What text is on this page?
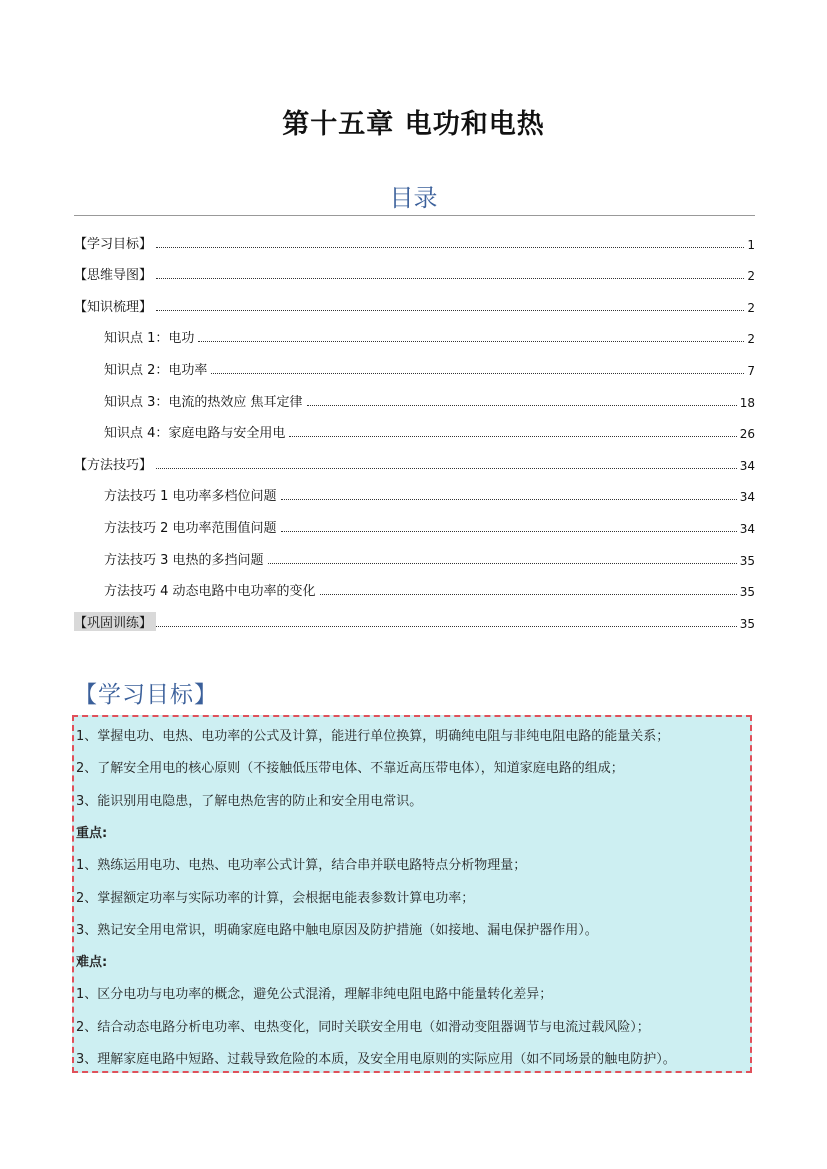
第十五章 电功和电热
目录
【学习目标】	1
【思维导图】	2
【知识梳理】	2
知识点 1：电功	2
知识点 2：电功率	7
知识点 3：电流的热效应 焦耳定律	18
知识点 4：家庭电路与安全用电	26
【方法技巧】	34
方法技巧 1 电功率多档位问题	34
方法技巧 2 电功率范围值问题	34
方法技巧 3 电热的多挡问题	35
方法技巧 4 动态电路中电功率的变化	35
【巩固训练】	35
【学习目标】
1、掌握电功、电热、电功率的公式及计算，能进行单位换算，明确纯电阻与非纯电阻电路的能量关系；
2、了解安全用电的核心原则（不接触低压带电体、不靠近高压带电体），知道家庭电路的组成；
3、能识别用电隐患，了解电热危害的防止和安全用电常识。
重点:
1、熟练运用电功、电热、电功率公式计算，结合串并联电路特点分析物理量；
2、掌握额定功率与实际功率的计算，会根据电能表参数计算电功率；
3、熟记安全用电常识，明确家庭电路中触电原因及防护措施（如接地、漏电保护器作用）。
难点:
1、区分电功与电功率的概念，避免公式混淆，理解非纯电阻电路中能量转化差异；
2、结合动态电路分析电功率、电热变化，同时关联安全用电（如滑动变阻器调节与电流过载风险）；
3、理解家庭电路中短路、过载导致危险的本质，及安全用电原则的实际应用（如不同场景的触电防护）。
